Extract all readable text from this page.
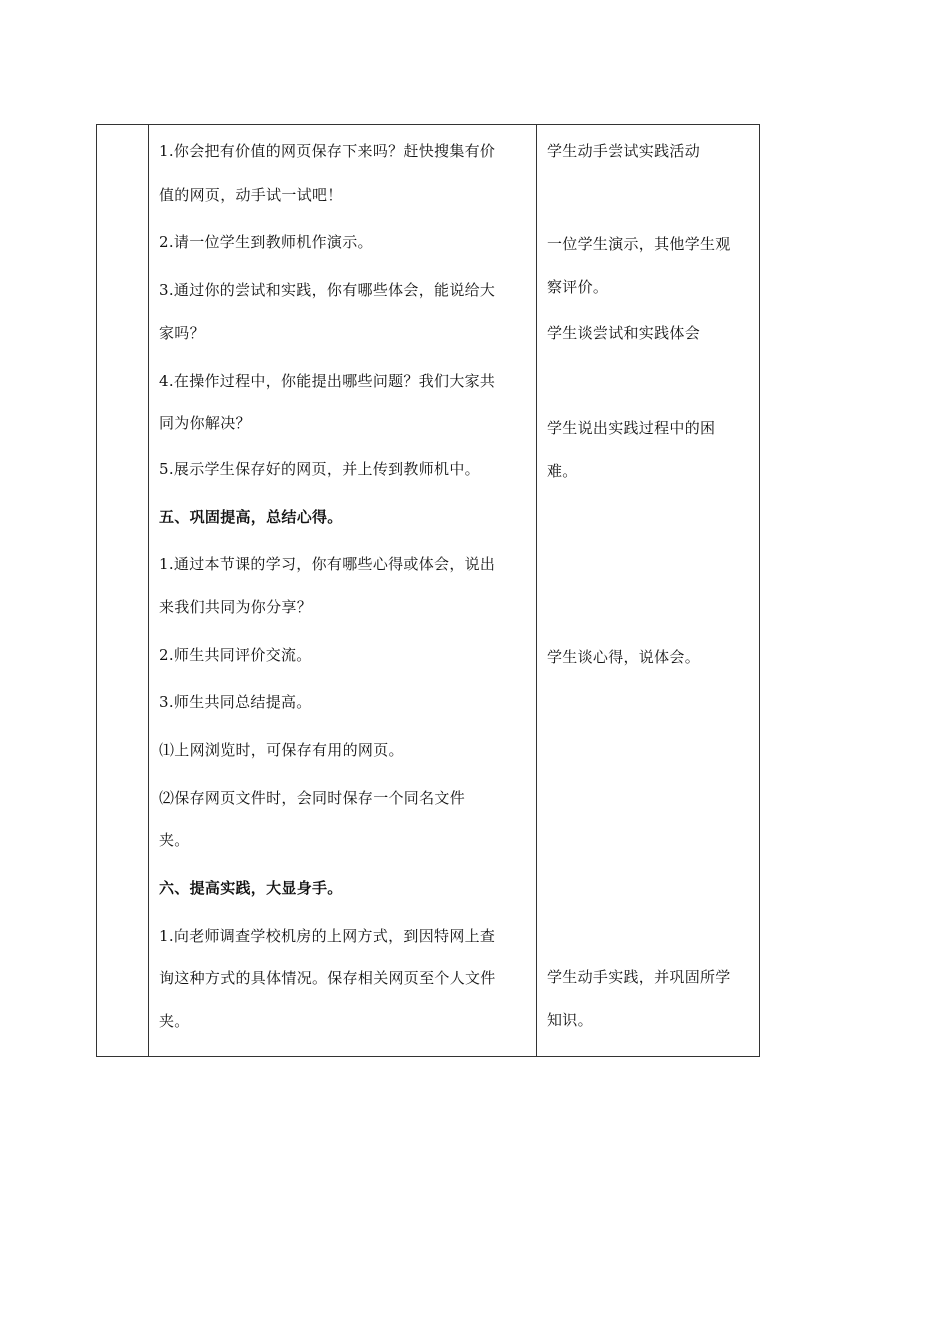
1.你会把有价值的网页保存下来吗？赶快搜集有价
值的网页，动手试一试吧！
2.请一位学生到教师机作演示。
3.通过你的尝试和实践，你有哪些体会，能说给大
家吗？
4.在操作过程中，你能提出哪些问题？我们大家共
同为你解决？
5.展示学生保存好的网页，并上传到教师机中。
五、巩固提高，总结心得。
1.通过本节课的学习，你有哪些心得或体会，说出
来我们共同为你分享？
2.师生共同评价交流。
3.师生共同总结提高。
⑴上网浏览时，可保存有用的网页。
⑵保存网页文件时，会同时保存一个同名文件
夹。
六、提高实践，大显身手。
1.向老师调查学校机房的上网方式，到因特网上查
询这种方式的具体情况。保存相关网页至个人文件
夹。
学生动手尝试实践活动
一位学生演示，其他学生观
察评价。
学生谈尝试和实践体会
学生说出实践过程中的困
难。
学生谈心得，说体会。
学生动手实践，并巩固所学
知识。
